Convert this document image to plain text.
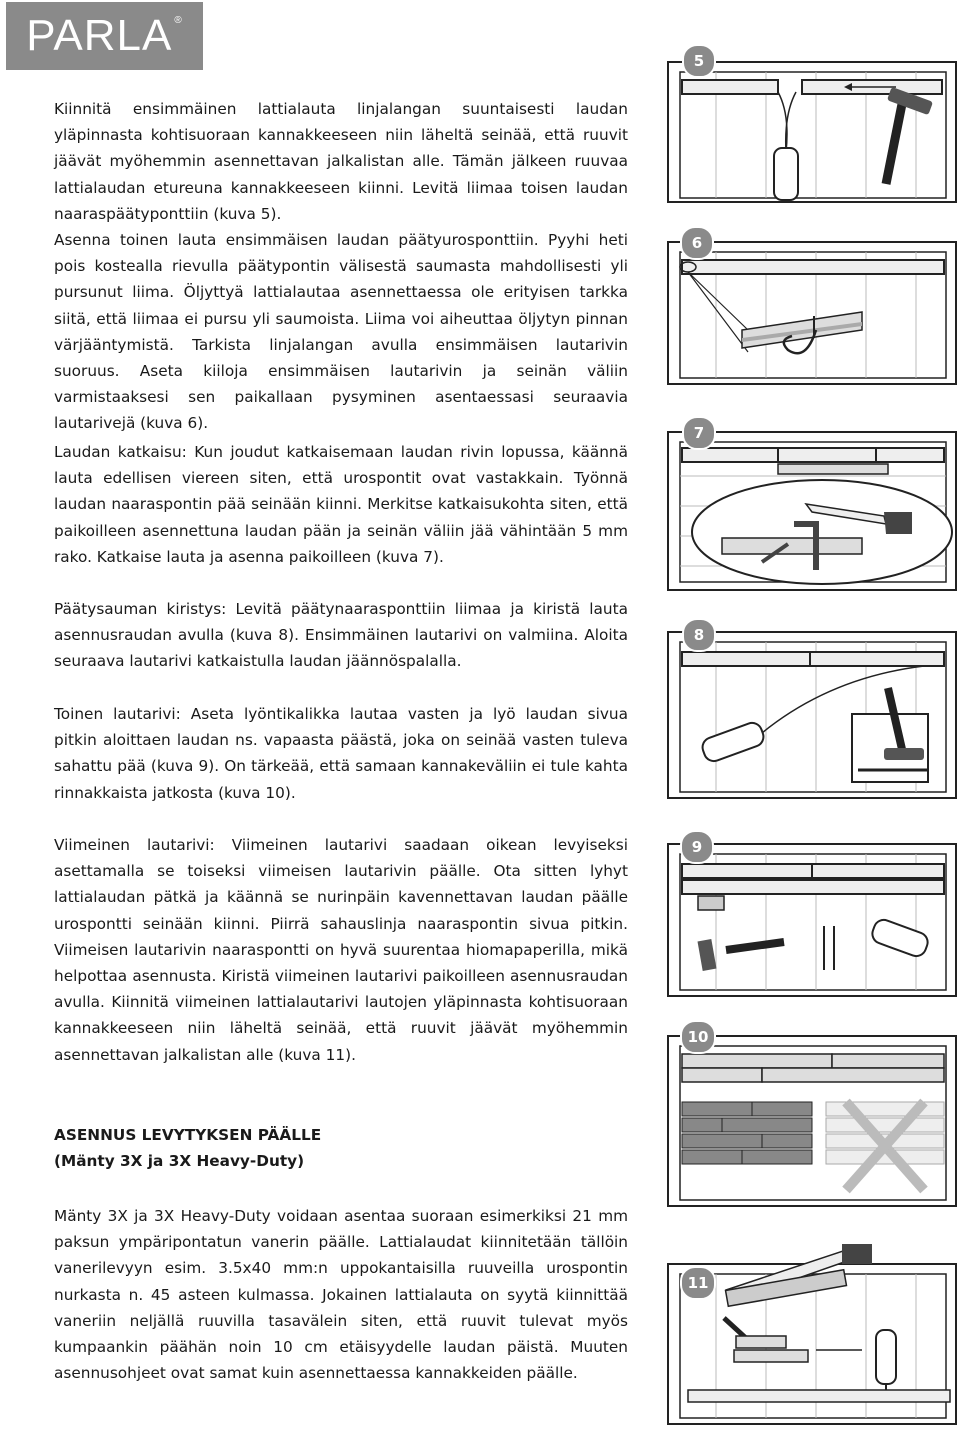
PARLA®

Kiinnitä ensimmäinen lattialauta linjalangan suuntaisesti laudan yläpinnasta kohtisuoraan kannakkeeseen niin läheltä seinää, että ruuvit jäävät myöhemmin asennettavan jalkalistan alle. Tämän jälkeen ruuvaa lattialaudan etureuna kannakkeeseen kiinni. Levitä liimaa toisen laudan naaraspäätyponttiin (kuva 5).

Asenna toinen lauta ensimmäisen laudan päätyurosponttiin. Pyyhi heti pois kostealla rievulla päätypontin välisestä saumasta mahdollisesti yli pursunut liima. Öljyttyä lattialautaa asennettaessa ole erityisen tarkka siitä, että liimaa ei pursu yli saumoista. Liima voi aiheuttaa öljytyn pinnan värjääntymistä. Tarkista linjalangan avulla ensimmäisen lautarivin suoruus. Aseta kiiloja ensimmäisen lautarivin ja seinän väliin varmistaaksesi sen paikallaan pysyminen asentaessasi seuraavia lautarivejä (kuva 6).

Laudan katkaisu: Kun joudut katkaisemaan laudan rivin lopussa, käännä lauta edellisen viereen siten, että urospontit ovat vastakkain. Työnnä laudan naaraspontin pää seinään kiinni. Merkitse katkaisukohta siten, että paikoilleen asennettuna laudan pään ja seinän väliin jää vähintään 5 mm rako. Katkaise lauta ja asenna paikoilleen (kuva 7).

Päätysauman kiristys: Levitä päätynaarasponttiin liimaa ja kiristä lauta asennusraudan avulla (kuva 8). Ensimmäinen lautarivi on valmiina. Aloita seuraava lautarivi katkaistulla laudan jäännöspalalla.

Toinen lautarivi: Aseta lyöntikalikka lautaa vasten ja lyö laudan sivua pitkin aloittaen laudan ns. vapaasta päästä, joka on seinää vasten tuleva sahattu pää (kuva 9). On tärkeää, että samaan kannakeväliin ei tule kahta rinnakkaista jatkosta (kuva 10).

Viimeinen lautarivi: Viimeinen lautarivi saadaan oikean levyiseksi asettamalla se toiseksi viimeisen lautarivin päälle. Ota sitten lyhyt lattialaudan pätkä ja käännä se nurinpäin kavennettavan laudan päälle urospontti seinään kiinni. Piirrä sahauslinja naaraspontin sivua pitkin. Viimeisen lautarivin naaraspontti on hyvä suurentaa hiomapaperilla, mikä helpottaa asennusta. Kiristä viimeinen lautarivi paikoilleen asennusraudan avulla. Kiinnitä viimeinen lattialautarivi lautojen yläpinnasta kohtisuoraan kannakkeeseen niin läheltä seinää, että ruuvit jäävät myöhemmin asennettavan jalkalistan alle (kuva 11).

ASENNUS LEVYTYKSEN PÄÄLLE

(Mänty 3X ja 3X Heavy-Duty)

Mänty 3X ja 3X Heavy-Duty voidaan asentaa suoraan esimerkiksi 21 mm paksun ympäripontatun vanerin päälle. Lattialaudat kiinnitetään tällöin vanerilevyyn esim. 3.5x40 mm:n uppokantaisilla ruuveilla urospontin nurkasta n. 45 asteen kulmassa. Jokainen lattialauta on syytä kiinnittää vaneriin neljällä ruuvilla tasavälein siten, että ruuvit tulevat myös kumpaankin päähän noin 10 cm etäisyydelle laudan päistä. Muuten asennusohjeet ovat samat kuin asennettaessa kannakkeiden päälle.

5
6
7
8
9
10
11
